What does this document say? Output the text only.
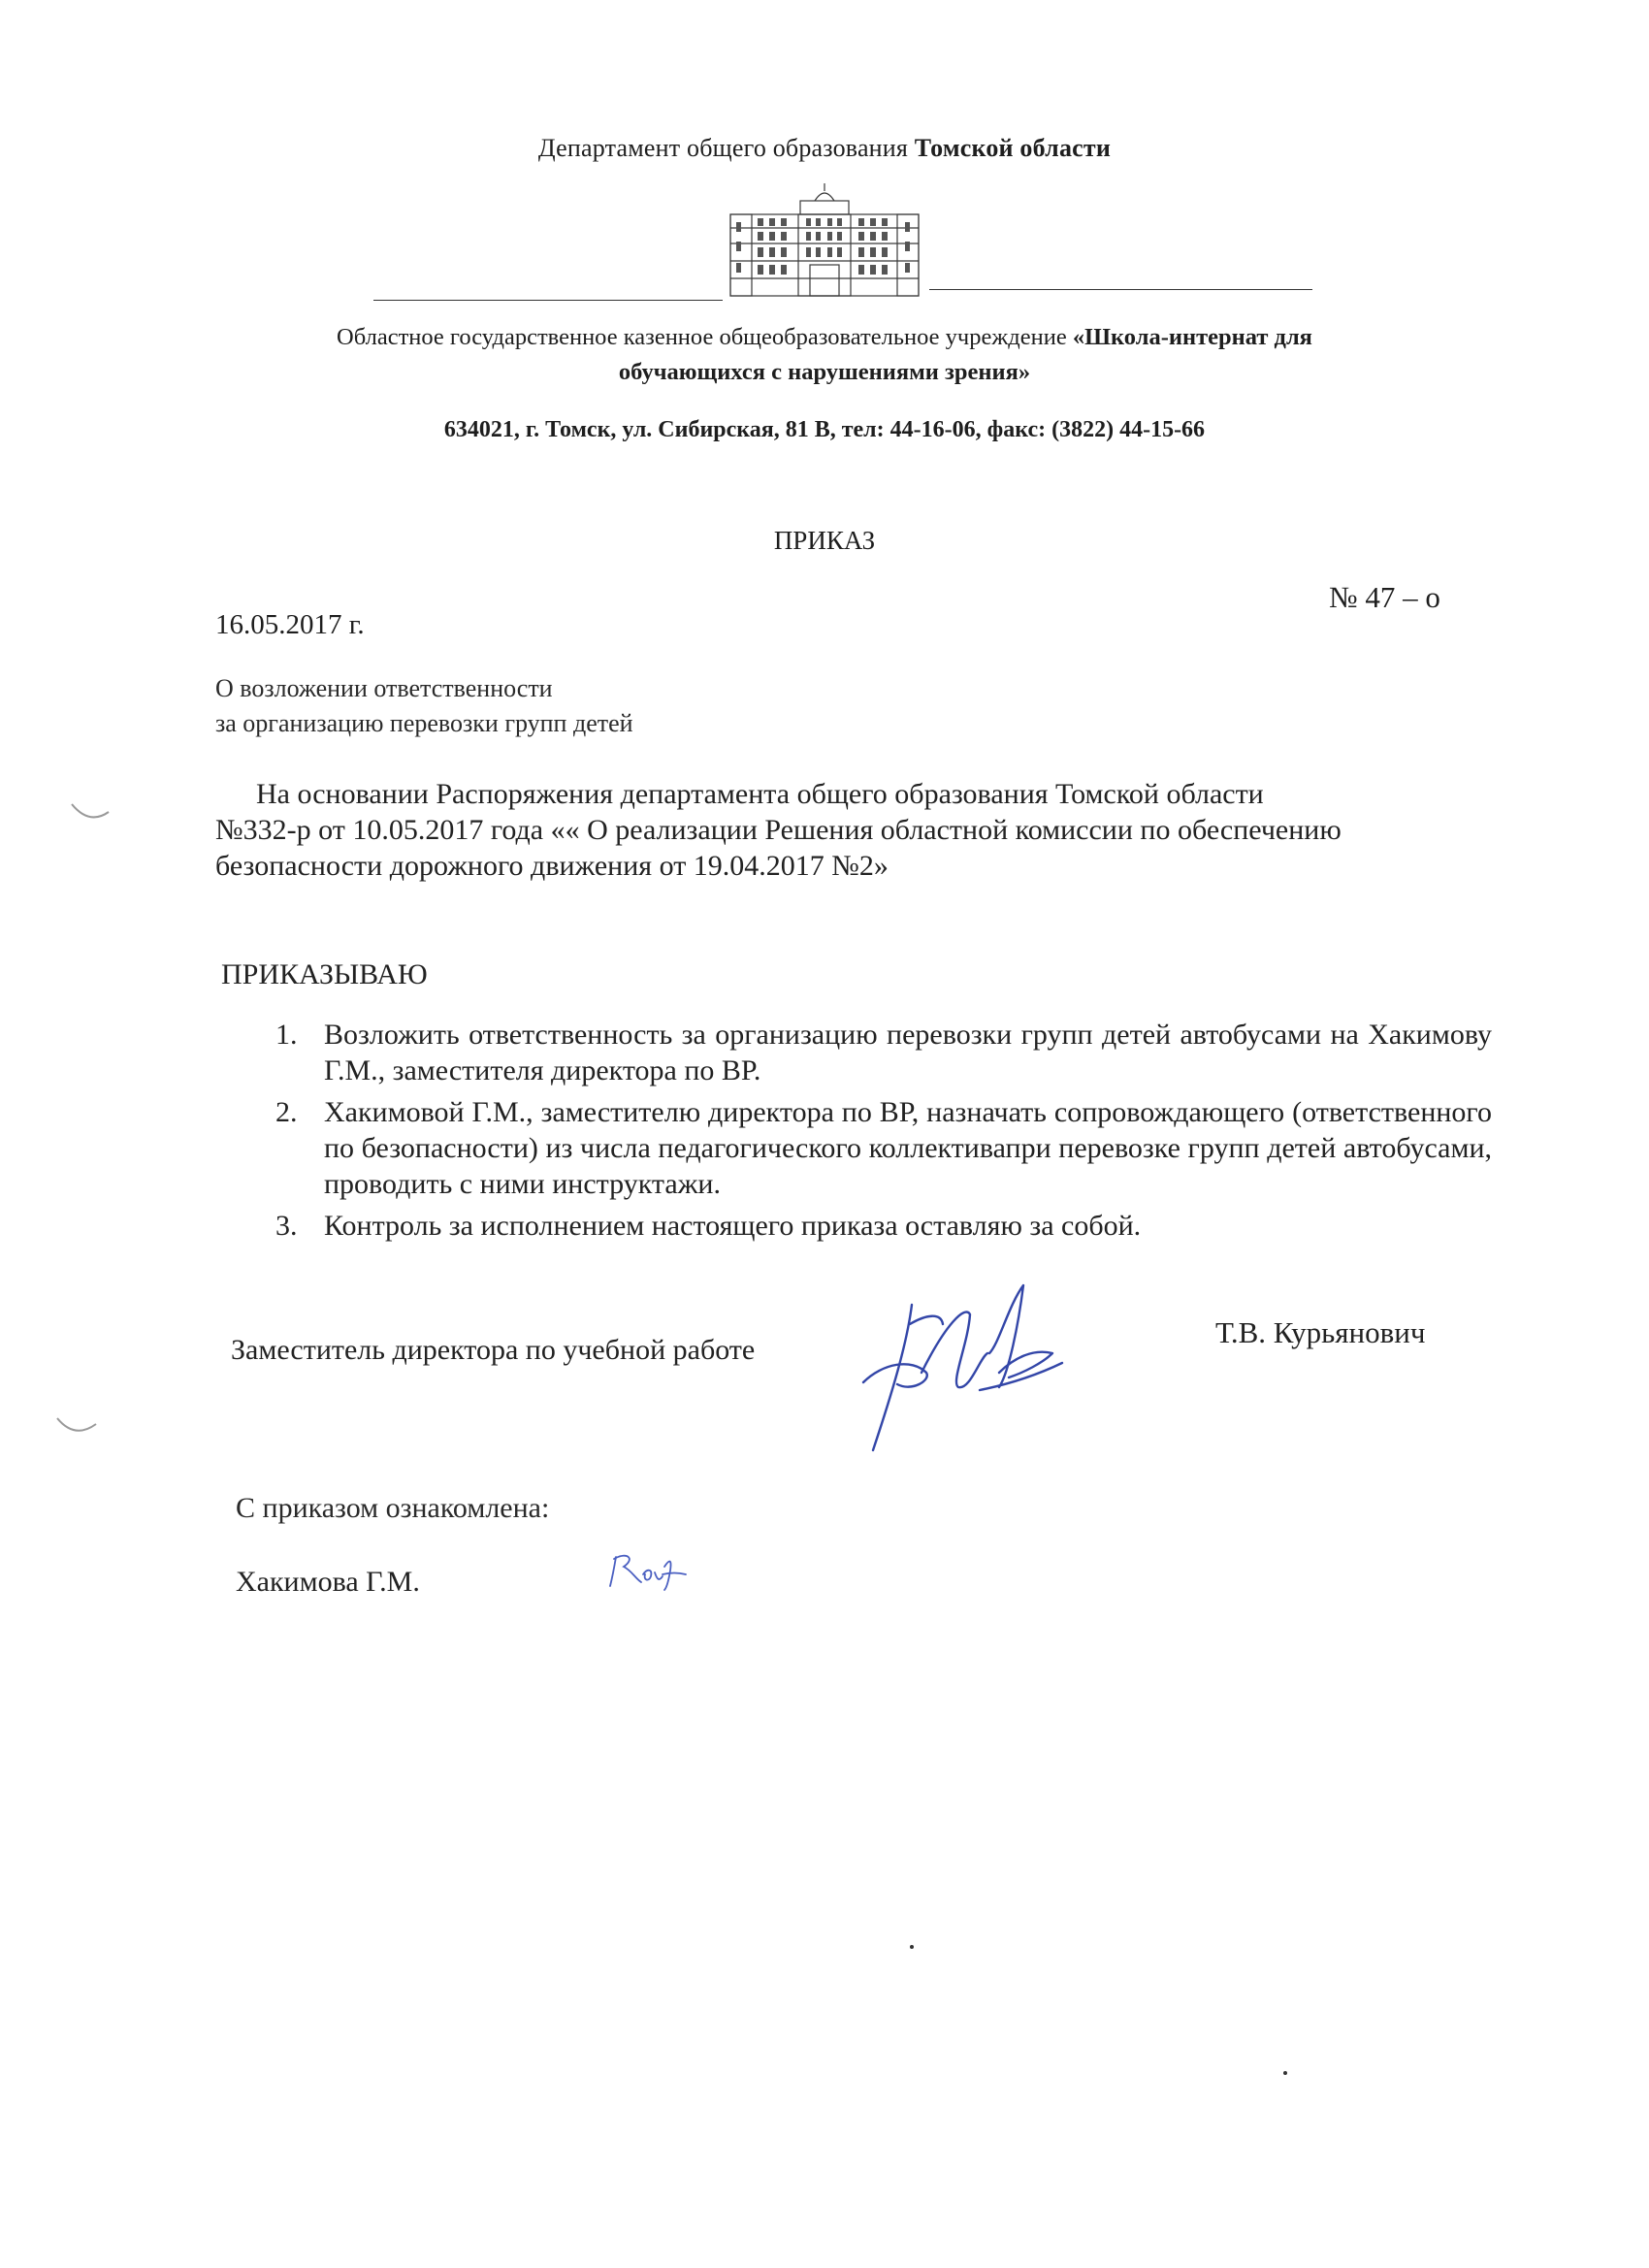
Департамент общего образования Томской области
Областное государственное казенное общеобразовательное учреждение «Школа-интернат для
обучающихся с нарушениями зрения»
634021, г. Томск, ул. Сибирская, 81 В, тел: 44-16-06, факс: (3822) 44-15-66
ПРИКАЗ
№ 47 – о
16.05.2017 г.
О возложении ответственности
за организацию перевозки групп детей
На основании Распоряжения департамента общего образования Томской области
№332-р от 10.05.2017 года «« О реализации Решения областной комиссии по обеспечению
безопасности дорожного движения от 19.04.2017 №2»
ПРИКАЗЫВАЮ
1. Возложить ответственность за организацию перевозки групп детей автобусами на Хакимову Г.М., заместителя директора по ВР.
2. Хакимовой Г.М., заместителю директора по ВР, назначать сопровождающего (ответственного по безопасности) из числа педагогического коллективапри перевозке групп детей автобусами, проводить с ними инструктажи.
3. Контроль за исполнением настоящего приказа оставляю за собой.
Заместитель директора по учебной работе
Т.В. Курьянович
С приказом ознакомлена:
Хакимова Г.М.
